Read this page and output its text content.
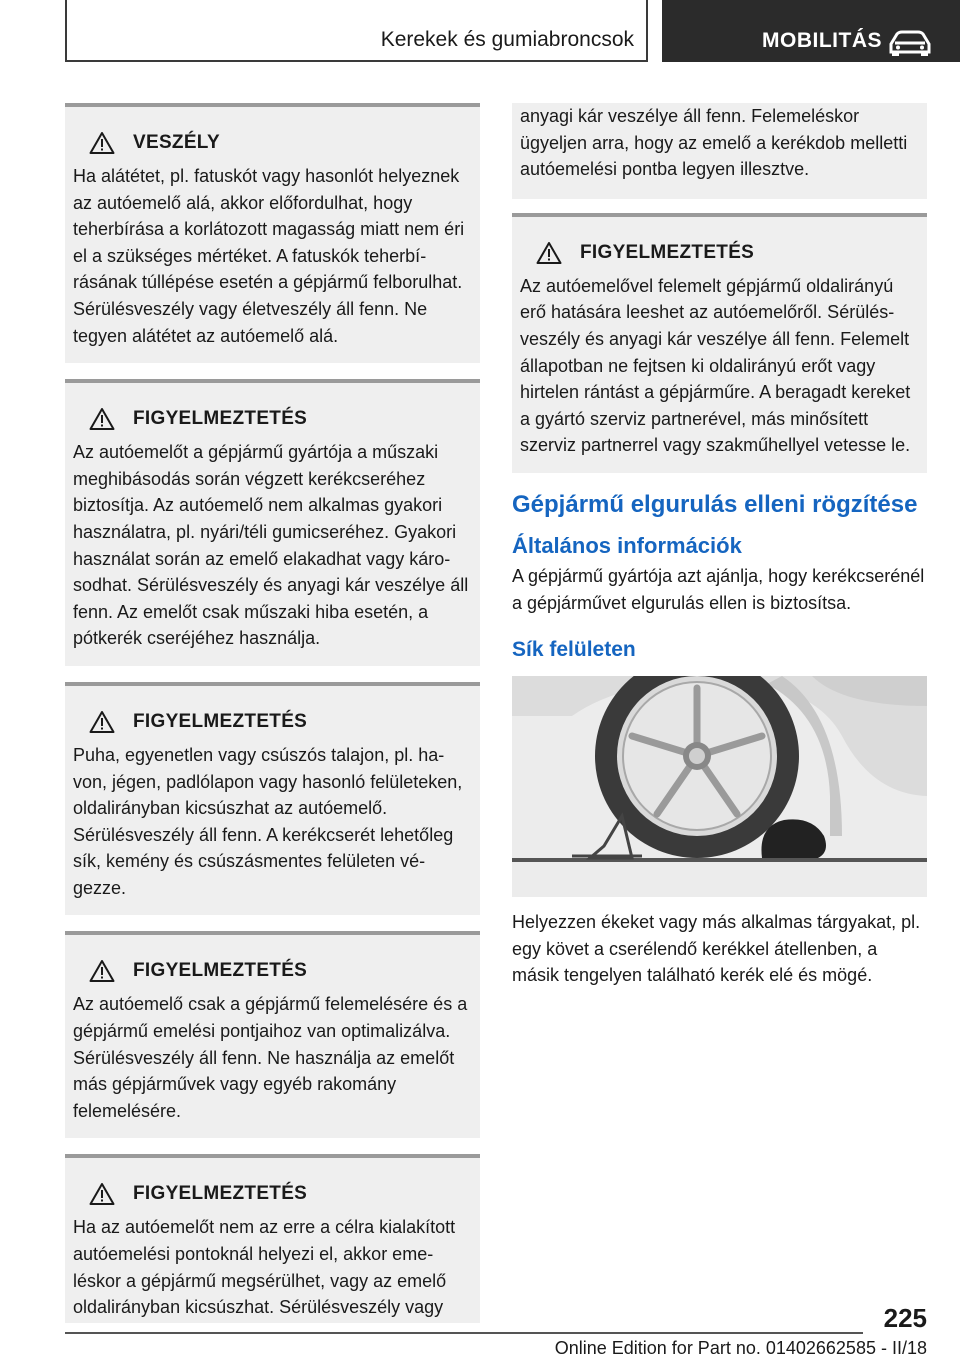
Kerekek és gumiabroncsok	MOBILITÁS
VESZÉLY
Ha alátétet, pl. fatuskót vagy hasonlót helyeznek az autóemelő alá, akkor előfordulhat, hogy teherbírása a korlátozott magasság miatt nem éri el a szükséges mértéket. A fatuskók teherbírásának túllépése esetén a gépjármű felborulhat. Sérülésveszély vagy életveszély áll fenn. Ne tegyen alátétet az autóemelő alá.
FIGYELMEZTETÉS
Az autóemelőt a gépjármű gyártója a műszaki meghibásodás során végzett kerékcseréhez biztosítja. Az autóemelő nem alkalmas gyakori használatra, pl. nyári/téli gumicseréhez. Gyakori használat során az emelő elakadhat vagy károsodhat. Sérülésveszély és anyagi kár veszélye áll fenn. Az emelőt csak műszaki hiba esetén, a pótkerék cseréjéhez használja.
FIGYELMEZTETÉS
Puha, egyenetlen vagy csúszós talajon, pl. havon, jégen, padlólapon vagy hasonló felületeken, oldalirányban kicsúszhat az autóemelő. Sérülésveszély áll fenn. A kerékcserét lehetőleg sík, kemény és csúszásmentes felületen végezze.
FIGYELMEZTETÉS
Az autóemelő csak a gépjármű felemelésére és a gépjármű emelési pontjaihoz van optimalizálva. Sérülésveszély áll fenn. Ne használja az emelőt más gépjárművek vagy egyéb rakomány felemelésére.
FIGYELMEZTETÉS
Ha az autóemelőt nem az erre a célra kialakított autóemelési pontoknál helyezi el, akkor emeléskor a gépjármű megsérülhet, vagy az emelő oldalirányban kicsúszhat. Sérülésveszély vagy
anyagi kár veszélye áll fenn. Felemeléskor ügyeljen arra, hogy az emelő a kerékdob melletti autóemelési pontba legyen illesztve.
FIGYELMEZTETÉS
Az autóemelővel felemelt gépjármű oldalirányú erő hatására leeshet az autóemelőről. Sérülésveszély és anyagi kár veszélye áll fenn. Felemelt állapotban ne fejtsen ki oldalirányú erőt vagy hirtelen rántást a gépjárműre. A beragadt kereket a gyártó szerviz partnerével, más minősített szerviz partnerrel vagy szakműhellyel vetesse le.
Gépjármű elgurulás elleni rögzítése
Általános információk

A gépjármű gyártója azt ajánlja, hogy kerékcserénél a gépjárművet elgurulás ellen is biztosítsa.

Sík felületen

Helyezzen ékeket vagy más alkalmas tárgyakat, pl. egy követ a cserélendő kerékkel átellenben, a másik tengelyen található kerék elé és mögé.

225
Online Edition for Part no. 01402662585 - II/18
